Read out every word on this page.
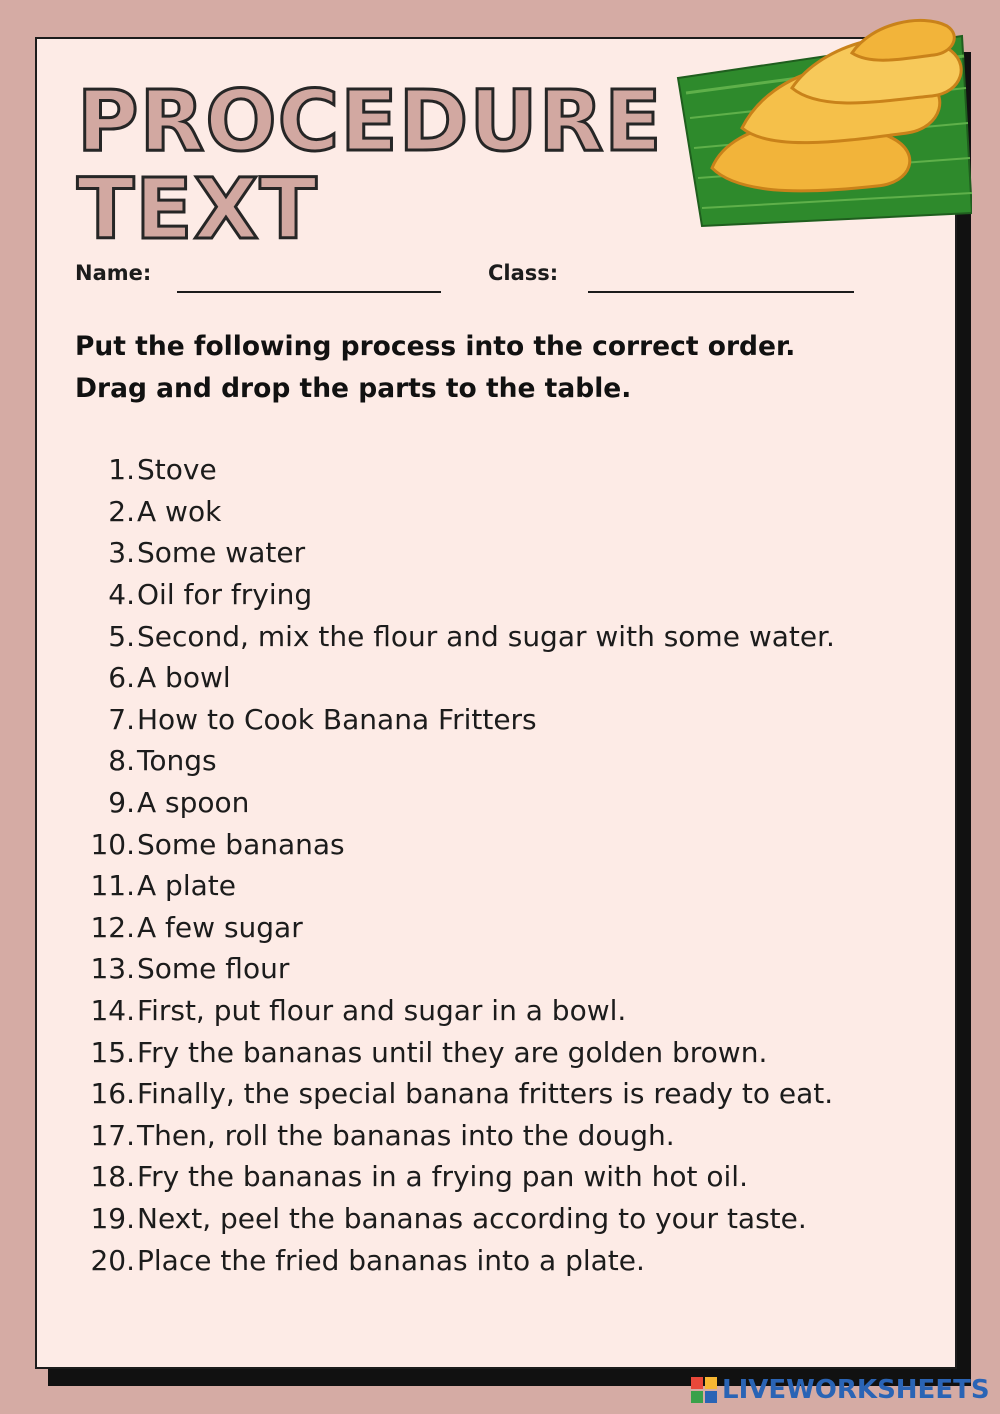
PROCEDURE
TEXT
Name:	Class:
Put the following process into the correct order.
Drag and drop the parts to the table.
1. Stove
2. A wok
3. Some water
4. Oil for frying
5. Second, mix the flour and sugar with some water.
6. A bowl
7. How to Cook Banana Fritters
8. Tongs
9. A spoon
10. Some bananas
11. A plate
12. A few sugar
13. Some flour
14. First, put flour and sugar in a bowl.
15. Fry the bananas until they are golden brown.
16. Finally, the special banana fritters is ready to eat.
17. Then, roll the bananas into the dough.
18. Fry the bananas in a frying pan with hot oil.
19. Next, peel the bananas according to your taste.
20. Place the fried bananas into a plate.
LIVEWORKSHEETS
